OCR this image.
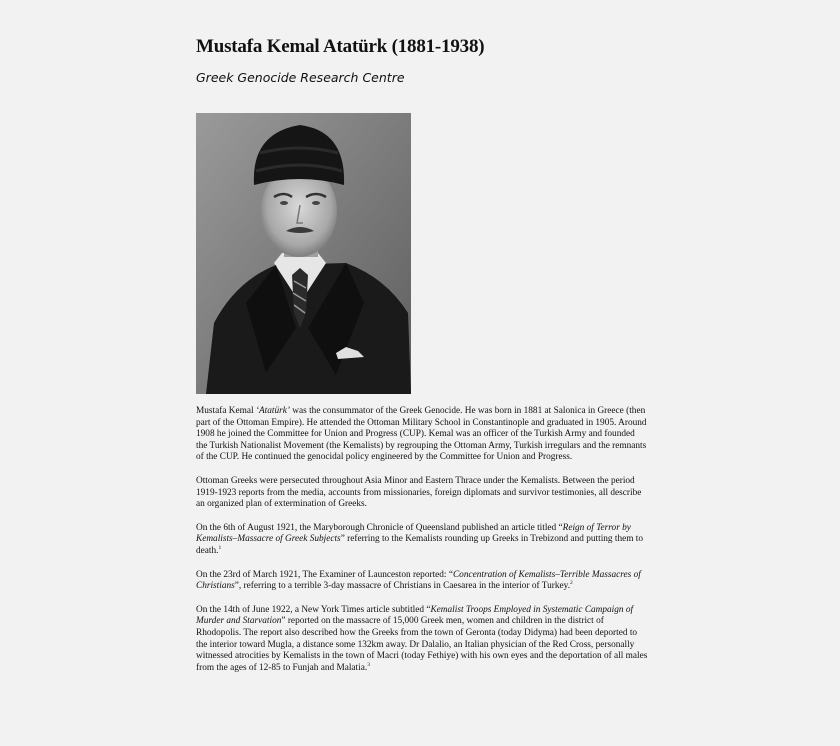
Mustafa Kemal Atatürk (1881-1938)

Greek Genocide Research Centre

Mustafa Kemal ‘Atatürk’ was the consummator of the Greek Genocide. He was born in 1881 at Salonica in Greece (then part of the Ottoman Empire). He attended the Ottoman Military School in Constantinople and graduated in 1905. Around 1908 he joined the Committee for Union and Progress (CUP). Kemal was an officer of the Turkish Army and founded the Turkish Nationalist Movement (the Kemalists) by regrouping the Ottoman Army, Turkish irregulars and the remnants of the CUP. He continued the genocidal policy engineered by the Committee for Union and Progress.

Ottoman Greeks were persecuted throughout Asia Minor and Eastern Thrace under the Kemalists. Between the period 1919-1923 reports from the media, accounts from missionaries, foreign diplomats and survivor testimonies, all describe an organized plan of extermination of Greeks.

On the 6th of August 1921, the Maryborough Chronicle of Queensland published an article titled “Reign of Terror by Kemalists–Massacre of Greek Subjects” referring to the Kemalists rounding up Greeks in Trebizond and putting them to death.$^1$

On the 23rd of March 1921, The Examiner of Launceston reported: “Concentration of Kemalists–Terrible Massacres of Christians”, referring to a terrible 3-day massacre of Christians in Caesarea in the interior of Turkey.$^2$

On the 14th of June 1922, a New York Times article subtitled “Kemalist Troops Employed in Systematic Campaign of Murder and Starvation” reported on the massacre of 15,000 Greek men, women and children in the district of Rhodopolis. The report also described how the Greeks from the town of Geronta (today Didyma) had been deported to the interior toward Mugla, a distance some 132km away. Dr Dalalio, an Italian physician of the Red Cross, personally witnessed atrocities by Kemalists in the town of Macri (today Fethiye) with his own eyes and the deportation of all males from the ages of 12-85 to Funjah and Malatia.$^3$
